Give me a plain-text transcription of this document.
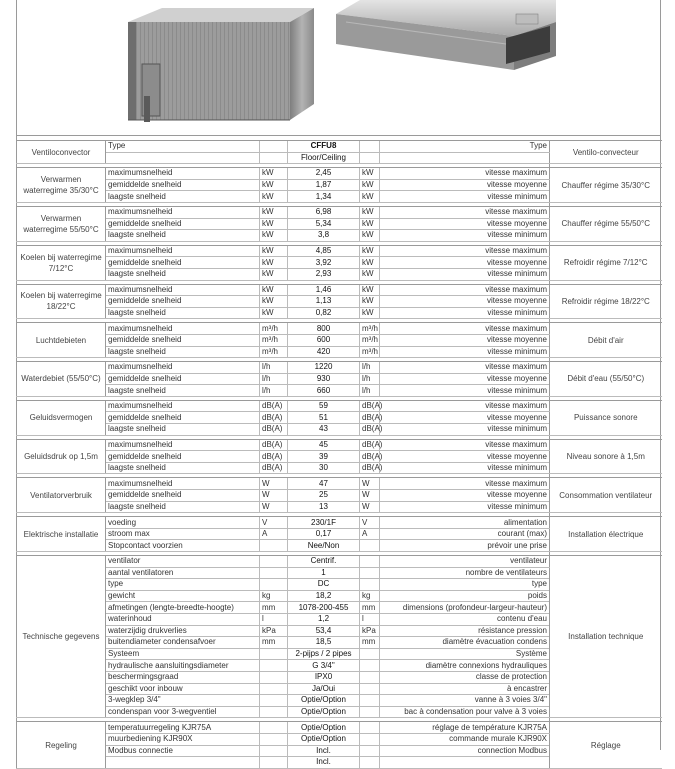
Ventiloconvector	Type		CFFU8		Type	Ventilo-convecteur
			Floor/Ceiling			

Verwarmen waterregime 35/30°C	maximumsnelheid	kW	2,45	kW	vitesse maximum	Chauffer régime 35/30°C
	gemiddelde snelheid	kW	1,87	kW	vitesse moyenne	
	laagste snelheid	kW	1,34	kW	vitesse minimum	

Verwarmen waterregime 55/50°C	maximumsnelheid	kW	6,98	kW	vitesse maximum	Chauffer régime 55/50°C
	gemiddelde snelheid	kW	5,34	kW	vitesse moyenne	
	laagste snelheid	kW	3,8	kW	vitesse minimum	

Koelen bij waterregime 7/12°C	maximumsnelheid	kW	4,85	kW	vitesse maximum	Refroidir régime 7/12°C
	gemiddelde snelheid	kW	3,92	kW	vitesse moyenne	
	laagste snelheid	kW	2,93	kW	vitesse minimum	

Koelen bij waterregime 18/22°C	maximumsnelheid	kW	1,46	kW	vitesse maximum	Refroidir régime 18/22°C
	gemiddelde snelheid	kW	1,13	kW	vitesse moyenne	
	laagste snelheid	kW	0,82	kW	vitesse minimum	

Luchtdebieten	maximumsnelheid	m³/h	800	m³/h	vitesse maximum	Débit d'air
	gemiddelde snelheid	m³/h	600	m³/h	vitesse moyenne	
	laagste snelheid	m³/h	420	m³/h	vitesse minimum	

Waterdebiet (55/50°C)	maximumsnelheid	l/h	1220	l/h	vitesse maximum	Débit d'eau (55/50°C)
	gemiddelde snelheid	l/h	930	l/h	vitesse moyenne	
	laagste snelheid	l/h	660	l/h	vitesse minimum	

Geluidsvermogen	maximumsnelheid	dB(A)	59	dB(A)	vitesse maximum	Puissance sonore
	gemiddelde snelheid	dB(A)	51	dB(A)	vitesse moyenne	
	laagste snelheid	dB(A)	43	dB(A)	vitesse minimum	

Geluidsdruk op 1,5m	maximumsnelheid	dB(A)	45	dB(A)	vitesse maximum	Niveau sonore à 1,5m
	gemiddelde snelheid	dB(A)	39	dB(A)	vitesse moyenne	
	laagste snelheid	dB(A)	30	dB(A)	vitesse minimum	

Ventilatorverbruik	maximumsnelheid	W	47	W	vitesse maximum	Consommation ventilateur
	gemiddelde snelheid	W	25	W	vitesse moyenne	
	laagste snelheid	W	13	W	vitesse minimum	

Elektrische installatie	voeding	V	230/1F	V	alimentation	Installation électrique
	stroom max	A	0,17	A	courant (max)	
	Stopcontact voorzien		Nee/Non		prévoir une prise	

Technische gegevens	ventilator		Centrif.		ventilateur	Installation technique
	aantal ventilatoren		1		nombre de ventilateurs	
	type		DC		type	
	gewicht	kg	18,2	kg	poids	
	afmetingen (lengte-breedte-hoogte)	mm	1078-200-455	mm	dimensions (profondeur-largeur-hauteur)	
	waterinhoud	l	1,2	l	contenu d'eau	
	waterzijdig drukverlies	kPa	53,4	kPa	résistance pression	
	buitendiameter condensafvoer	mm	18,5	mm	diamètre évacuation condens	
	Systeem		2-pijps / 2 pipes		Système	
	hydraulische aansluitingsdiameter		G 3/4"		diamètre connexions hydrauliques	
	beschermingsgraad		IPX0		classe de protection	
	geschikt voor inbouw		Ja/Oui		à encastrer	
	3-wegklep 3/4"		Optie/Option		vanne à 3 voies 3/4"	
	condenspan voor 3-wegventiel		Optie/Option		bac à condensation pour valve à 3 voies	

Regeling	temperatuurregeling KJR75A		Optie/Option		réglage de température KJR75A	Réglage
	muurbediening KJR90X		Optie/Option		commande murale KJR90X	
	Modbus connectie		Incl.		connection Modbus	
			Incl.			
